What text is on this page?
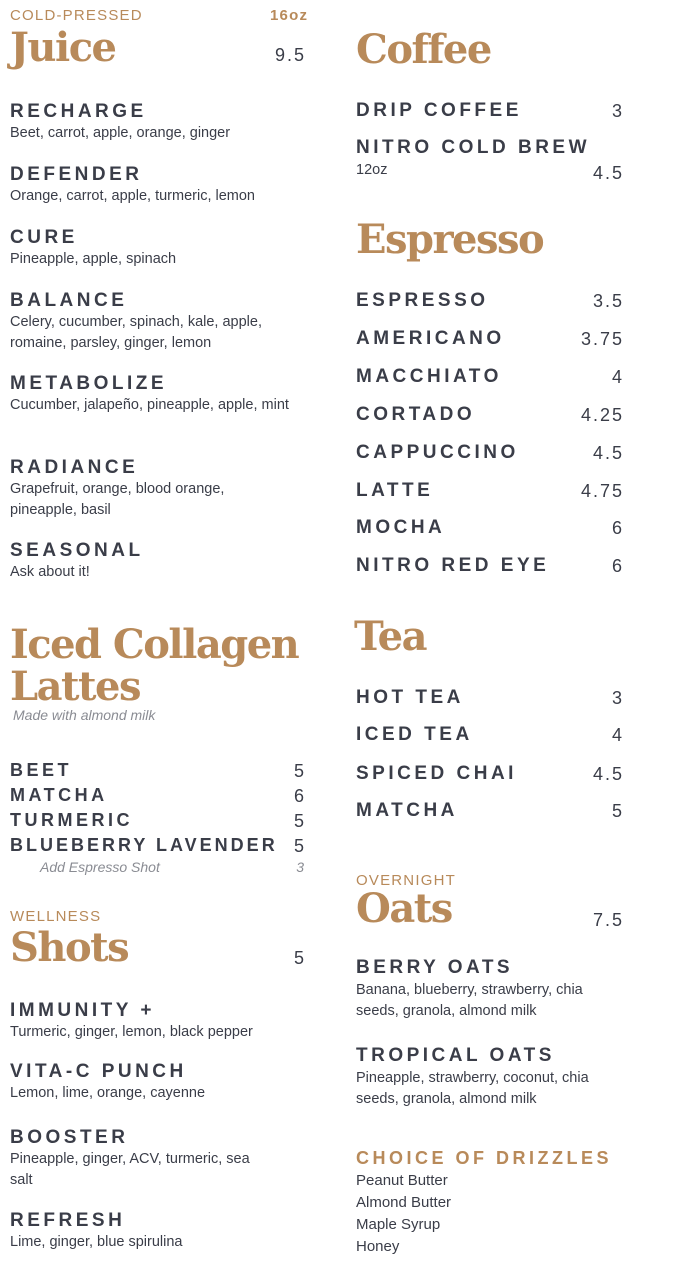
COLD-PRESSED	16oz
Juice	9.5
RECHARGE
Beet, carrot, apple, orange, ginger
DEFENDER
Orange, carrot, apple, turmeric, lemon
CURE
Pineapple, apple, spinach
BALANCE
Celery, cucumber, spinach, kale, apple, romaine, parsley, ginger, lemon
METABOLIZE
Cucumber, jalapeño, pineapple, apple, mint
RADIANCE
Grapefruit, orange, blood orange, pineapple, basil
SEASONAL
Ask about it!
Iced Collagen
Lattes
Made with almond milk
BEET	5
MATCHA	6
TURMERIC	5
BLUEBERRY LAVENDER 5
Add Espresso Shot	3
WELLNESS
Shots	5
IMMUNITY +
Turmeric, ginger, lemon, black pepper
VITA-C PUNCH
Lemon, lime, orange, cayenne
BOOSTER
Pineapple, ginger, ACV, turmeric, sea salt
REFRESH
Lime, ginger, blue spirulina
Coffee
DRIP COFFEE	3
NITRO COLD BREW
12oz	4.5
Espresso
ESPRESSO	3.5
AMERICANO	3.75
MACCHIATO	4
CORTADO	4.25
CAPPUCCINO	4.5
LATTE	4.75
MOCHA	6
NITRO RED EYE	6
Tea
HOT TEA	3
ICED TEA	4
SPICED CHAI	4.5
MATCHA	5
OVERNIGHT
Oats	7.5
BERRY OATS
Banana, blueberry, strawberry, chia seeds, granola, almond milk
TROPICAL OATS
Pineapple, strawberry, coconut, chia seeds, granola, almond milk
CHOICE OF DRIZZLES
Peanut Butter
Almond Butter
Maple Syrup
Honey
